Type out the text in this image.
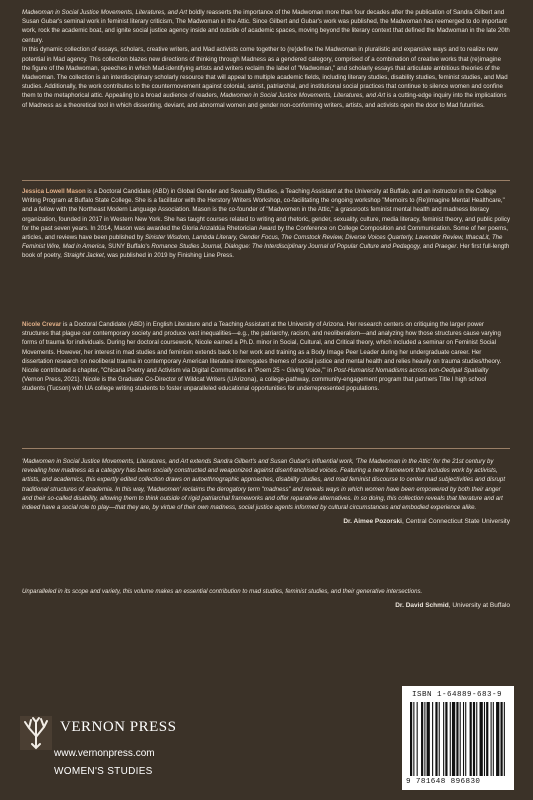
Madwoman in Social Justice Movements, Literatures, and Art boldly reasserts the importance of the Madwoman more than four decades after the publication of Sandra Gilbert and Susan Gubar's seminal work in feminist literary criticism, The Madwoman in the Attic. Since Gilbert and Gubar's work was published, the Madwoman has reemerged to do important work, rock the academic boat, and ignite social justice agency inside and outside of academic spaces, moving beyond the literary context that defined the Madwoman in the late 20th century.

In this dynamic collection of essays, scholars, creative writers, and Mad activists come together to (re)define the Madwoman in pluralistic and expansive ways and to realize new potential in Mad agency. This collection blazes new directions of thinking through Madness as a gendered category, comprised of a combination of creative works that (re)imagine the figure of the Madwoman, speeches in which Mad-identifying artists and writers reclaim the label of "Madwoman," and scholarly essays that articulate ambitious theories of the Madwoman. The collection is an interdisciplinary scholarly resource that will appeal to multiple academic fields, including literary studies, disability studies, feminist studies, and Mad studies. Additionally, the work contributes to the countermovement against colonial, sanist, patriarchal, and institutional social practices that continue to silence women and confine them to the metaphorical attic. Appealing to a broad audience of readers, Madwomen in Social Justice Movements, Literatures, and Art is a cutting-edge inquiry into the implications of Madness as a theoretical tool in which dissenting, deviant, and abnormal women and gender non-conforming writers, artists, and activists open the door to Mad futurities.

Jessica Lowell Mason is a Doctoral Candidate (ABD) in Global Gender and Sexuality Studies, a Teaching Assistant at the University at Buffalo, and an instructor in the College Writing Program at Buffalo State College. She is a facilitator with the Herstory Writers Workshop, co-facilitating the ongoing workshop "Memoirs to (Re)Imagine Mental Healthcare," and a fellow with the Northeast Modern Language Association. Mason is the co-founder of "Madwomen in the Attic," a grassroots feminist mental health and madness literacy organization, founded in 2017 in Western New York. She has taught courses related to writing and rhetoric, gender, sexuality, culture, media literacy, feminist theory, and public policy for the past seven years. In 2014, Mason was awarded the Gloria Anzaldúa Rhetorician Award by the Conference on College Composition and Communication. Some of her poems, articles, and reviews have been published by Sinister Wisdom, Lambda Literary, Gender Focus, The Comstock Review, Diverse Voices Quarterly, Lavender Review, IthacaLit, The Feminist Wire, Mad in America, SUNY Buffalo's Romance Studies Journal, Dialogue: The Interdisciplinary Journal of Popular Culture and Pedagogy, and Praeger. Her first full-length book of poetry, Straight Jacket, was published in 2019 by Finishing Line Press.

Nicole Crevar is a Doctoral Candidate (ABD) in English Literature and a Teaching Assistant at the University of Arizona. Her research centers on critiquing the larger power structures that plague our contemporary society and produce vast inequalities—e.g., the patriarchy, racism, and neoliberalism—and analyzing how those structures cause varying forms of trauma for individuals. During her doctoral coursework, Nicole earned a Ph.D. minor in Social, Cultural, and Critical theory, which included a seminar on Feminist Social Movements. However, her interest in mad studies and feminism extends back to her work and training as a Body Image Peer Leader during her undergraduate career. Her dissertation research on neoliberal trauma in contemporary American literature interrogates themes of social justice and mental health and relies heavily on trauma studies/theory. Nicole contributed a chapter, "Chicana Poetry and Activism via Digital Communities in 'Poem 25 ~ Giving Voice,'" in Post-Humanist Nomadisms across non-Oedipal Spatiality (Vernon Press, 2021). Nicole is the Graduate Co-Director of Wildcat Writers (UArizona), a college-pathway, community-engagement program that partners Title I high school students (Tucson) with UA college writing students to foster unparalleled educational opportunities for underrepresented populations.

'Madwomen in Social Justice Movements, Literatures, and Art extends Sandra Gilbert's and Susan Gubar's influential work, 'The Madwoman in the Attic' for the 21st century by revealing how madness as a category has been socially constructed and weaponized against disenfranchised voices. Featuring a new framework that includes work by activists, artists, and academics, this expertly edited collection draws on autoethnographic approaches, disability studies, and mad feminist discourse to center mad subjectivities and disrupt traditional structures of academia. In this way, 'Madwomen' reclaims the derogatory term "madness" and reveals ways in which women have been empowered by both their anger and their so-called disability, allowing them to think outside of rigid patriarchal frameworks and offer reparative alternatives. In so doing, this collection reveals that literature and art indeed have a social role to play—that they are, by virtue of their own madness, social justice agents informed by cultural circumstances and embodied experience alike.

Dr. Aimee Pozorski, Central Connecticut State University

Unparalleled in its scope and variety, this volume makes an essential contribution to mad studies, feminist studies, and their generative intersections.

Dr. David Schmid, University at Buffalo

VERNON PRESS
www.vernonpress.com
WOMEN'S STUDIES
ISBN 1-64889-683-9
9 781648 896830
